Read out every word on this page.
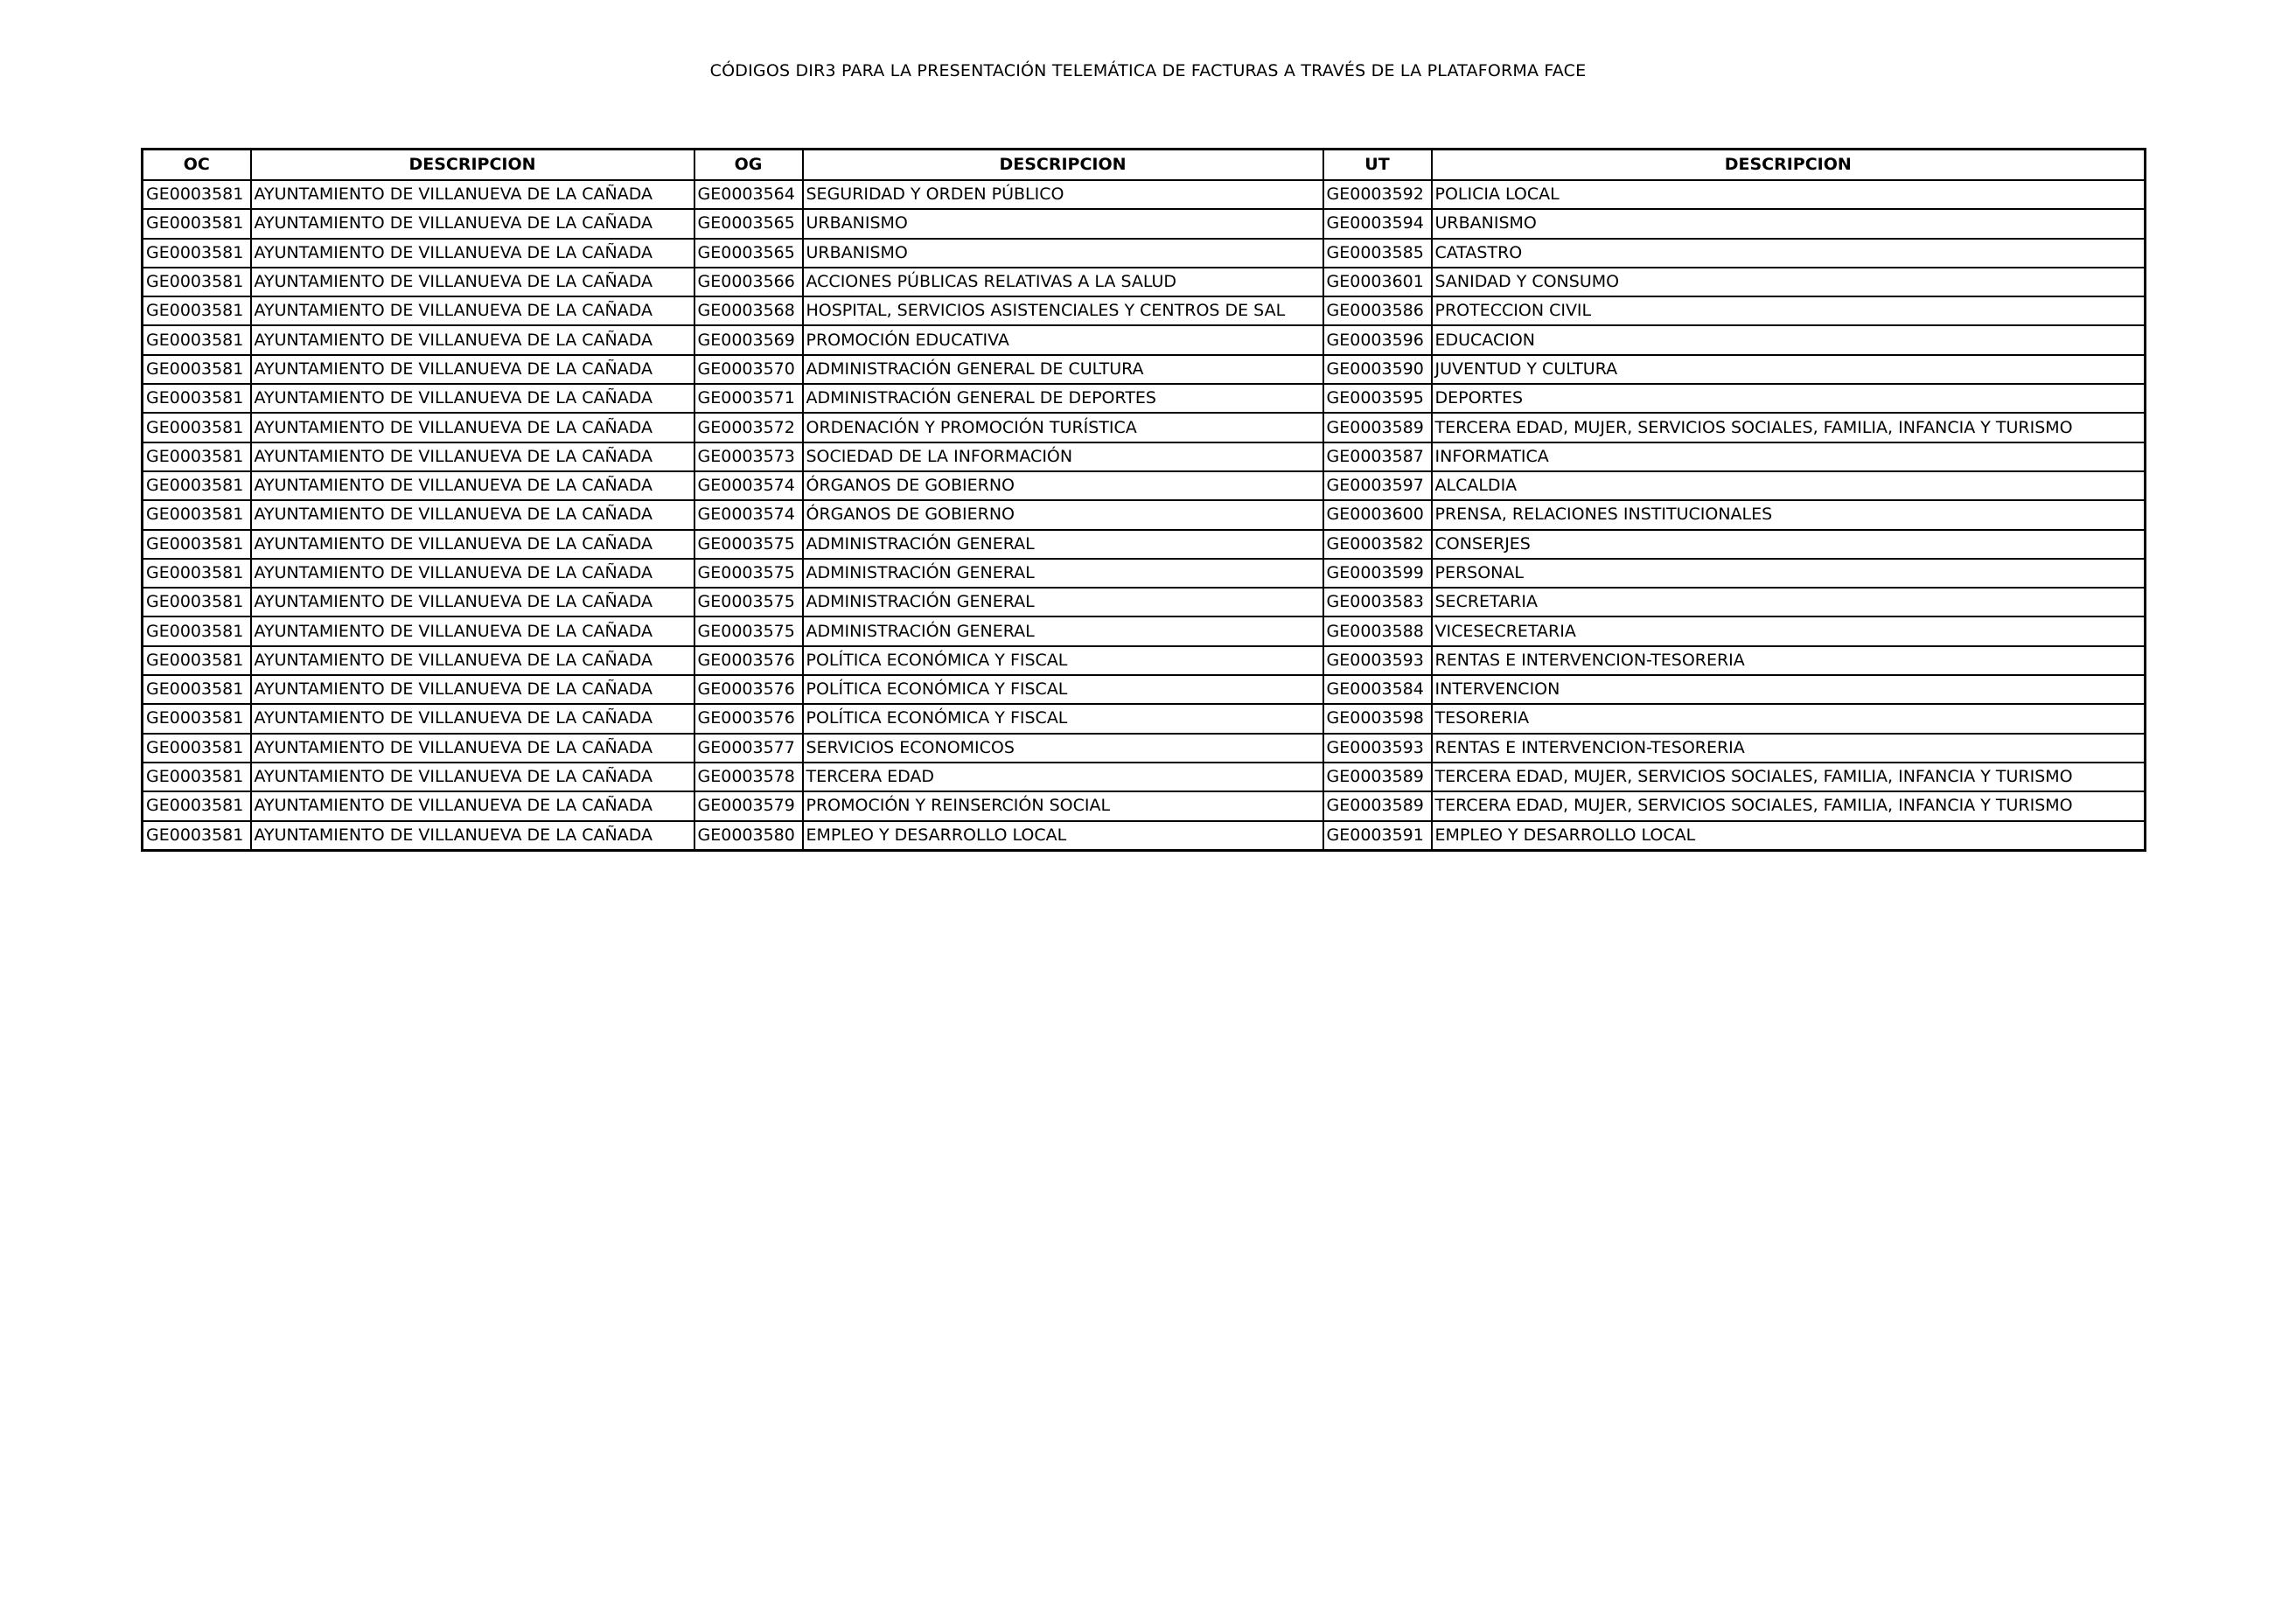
CÓDIGOS DIR3 PARA LA PRESENTACIÓN TELEMÁTICA DE FACTURAS A TRAVÉS DE LA PLATAFORMA FACE
OC	DESCRIPCION	OG	DESCRIPCION	UT	DESCRIPCION
GE0003581	AYUNTAMIENTO DE VILLANUEVA DE LA CAÑADA	GE0003564	SEGURIDAD Y ORDEN PÚBLICO	GE0003592	POLICIA LOCAL
GE0003581	AYUNTAMIENTO DE VILLANUEVA DE LA CAÑADA	GE0003565	URBANISMO	GE0003594	URBANISMO
GE0003581	AYUNTAMIENTO DE VILLANUEVA DE LA CAÑADA	GE0003565	URBANISMO	GE0003585	CATASTRO
GE0003581	AYUNTAMIENTO DE VILLANUEVA DE LA CAÑADA	GE0003566	ACCIONES PÚBLICAS RELATIVAS A LA SALUD	GE0003601	SANIDAD Y CONSUMO
GE0003581	AYUNTAMIENTO DE VILLANUEVA DE LA CAÑADA	GE0003568	HOSPITAL, SERVICIOS ASISTENCIALES Y CENTROS DE SAL	GE0003586	PROTECCION CIVIL
GE0003581	AYUNTAMIENTO DE VILLANUEVA DE LA CAÑADA	GE0003569	PROMOCIÓN EDUCATIVA	GE0003596	EDUCACION
GE0003581	AYUNTAMIENTO DE VILLANUEVA DE LA CAÑADA	GE0003570	ADMINISTRACIÓN GENERAL DE CULTURA	GE0003590	JUVENTUD Y CULTURA
GE0003581	AYUNTAMIENTO DE VILLANUEVA DE LA CAÑADA	GE0003571	ADMINISTRACIÓN GENERAL DE DEPORTES	GE0003595	DEPORTES
GE0003581	AYUNTAMIENTO DE VILLANUEVA DE LA CAÑADA	GE0003572	ORDENACIÓN Y PROMOCIÓN TURÍSTICA	GE0003589	TERCERA EDAD, MUJER, SERVICIOS SOCIALES, FAMILIA, INFANCIA Y TURISMO
GE0003581	AYUNTAMIENTO DE VILLANUEVA DE LA CAÑADA	GE0003573	SOCIEDAD DE LA INFORMACIÓN	GE0003587	INFORMATICA
GE0003581	AYUNTAMIENTO DE VILLANUEVA DE LA CAÑADA	GE0003574	ÓRGANOS DE GOBIERNO	GE0003597	ALCALDIA
GE0003581	AYUNTAMIENTO DE VILLANUEVA DE LA CAÑADA	GE0003574	ÓRGANOS DE GOBIERNO	GE0003600	PRENSA, RELACIONES INSTITUCIONALES
GE0003581	AYUNTAMIENTO DE VILLANUEVA DE LA CAÑADA	GE0003575	ADMINISTRACIÓN GENERAL	GE0003582	CONSERJES
GE0003581	AYUNTAMIENTO DE VILLANUEVA DE LA CAÑADA	GE0003575	ADMINISTRACIÓN GENERAL	GE0003599	PERSONAL
GE0003581	AYUNTAMIENTO DE VILLANUEVA DE LA CAÑADA	GE0003575	ADMINISTRACIÓN GENERAL	GE0003583	SECRETARIA
GE0003581	AYUNTAMIENTO DE VILLANUEVA DE LA CAÑADA	GE0003575	ADMINISTRACIÓN GENERAL	GE0003588	VICESECRETARIA
GE0003581	AYUNTAMIENTO DE VILLANUEVA DE LA CAÑADA	GE0003576	POLÍTICA ECONÓMICA Y FISCAL	GE0003593	RENTAS E INTERVENCION-TESORERIA
GE0003581	AYUNTAMIENTO DE VILLANUEVA DE LA CAÑADA	GE0003576	POLÍTICA ECONÓMICA Y FISCAL	GE0003584	INTERVENCION
GE0003581	AYUNTAMIENTO DE VILLANUEVA DE LA CAÑADA	GE0003576	POLÍTICA ECONÓMICA Y FISCAL	GE0003598	TESORERIA
GE0003581	AYUNTAMIENTO DE VILLANUEVA DE LA CAÑADA	GE0003577	SERVICIOS ECONOMICOS	GE0003593	RENTAS E INTERVENCION-TESORERIA
GE0003581	AYUNTAMIENTO DE VILLANUEVA DE LA CAÑADA	GE0003578	TERCERA EDAD	GE0003589	TERCERA EDAD, MUJER, SERVICIOS SOCIALES, FAMILIA, INFANCIA Y TURISMO
GE0003581	AYUNTAMIENTO DE VILLANUEVA DE LA CAÑADA	GE0003579	PROMOCIÓN Y REINSERCIÓN SOCIAL	GE0003589	TERCERA EDAD, MUJER, SERVICIOS SOCIALES, FAMILIA, INFANCIA Y TURISMO
GE0003581	AYUNTAMIENTO DE VILLANUEVA DE LA CAÑADA	GE0003580	EMPLEO Y DESARROLLO LOCAL	GE0003591	EMPLEO Y DESARROLLO LOCAL
